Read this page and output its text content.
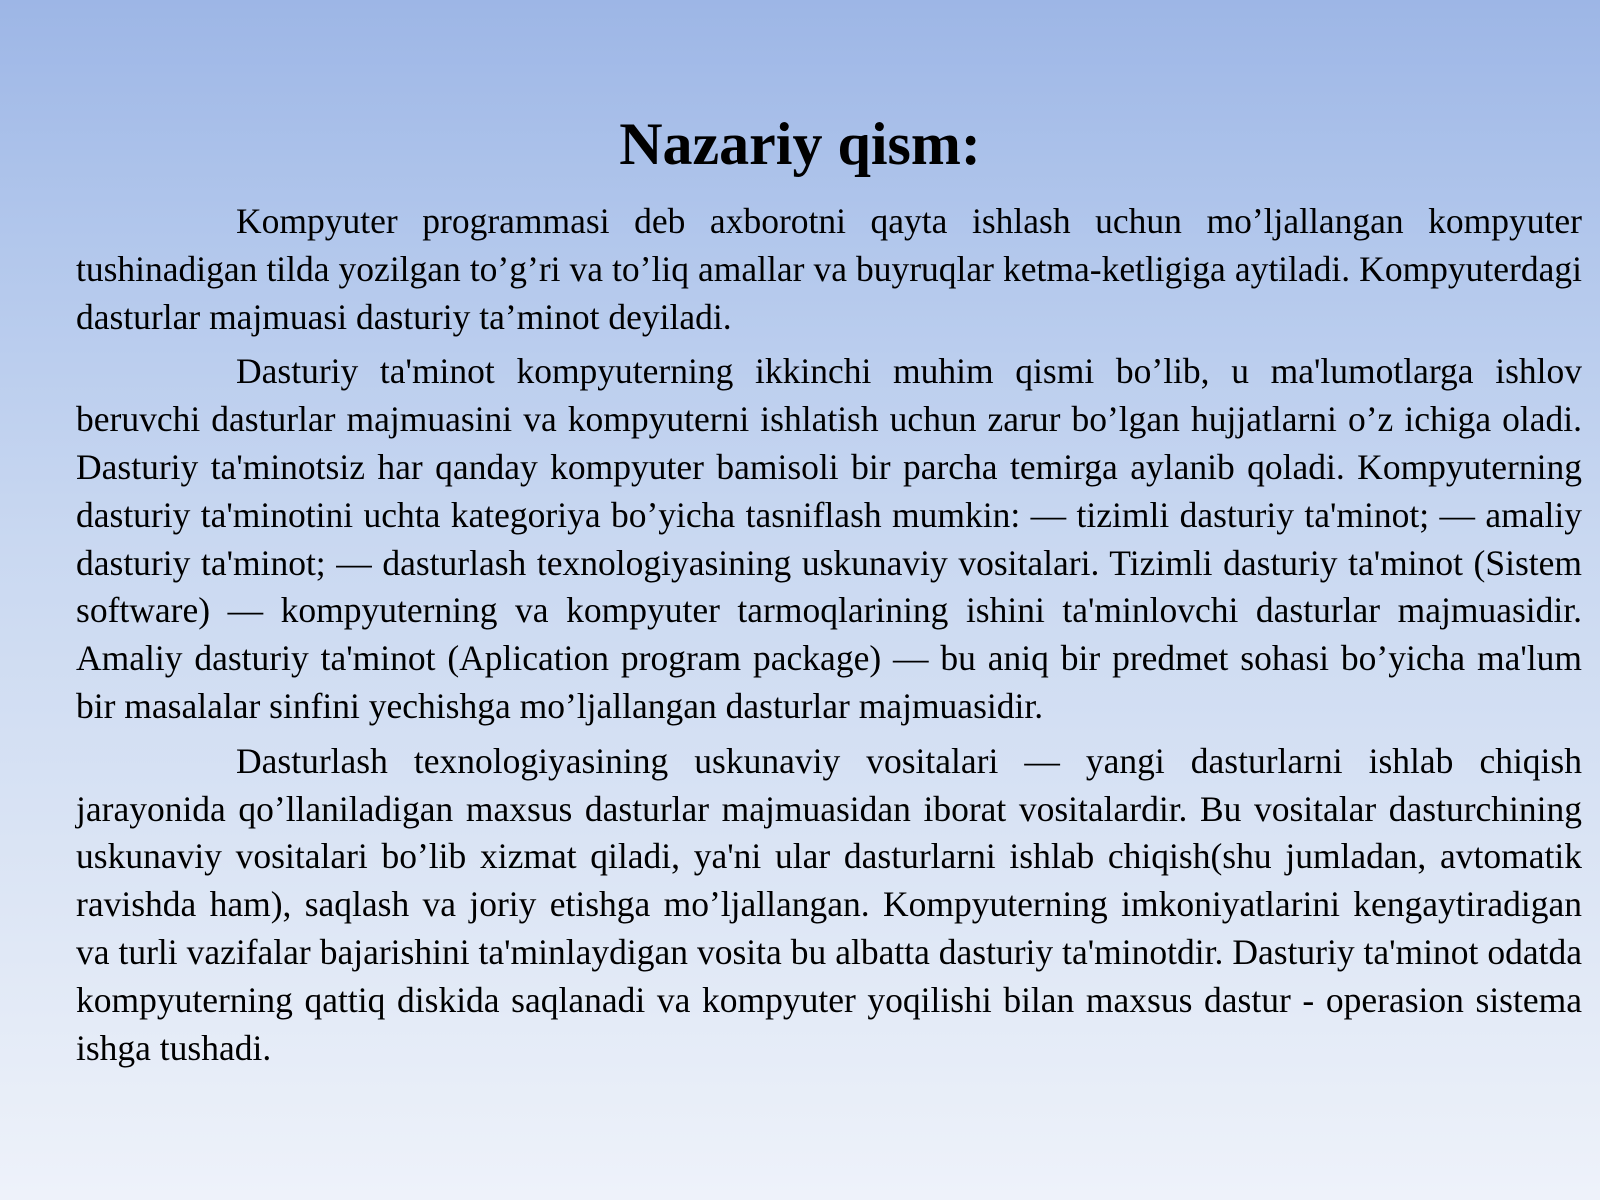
Nazariy qism:

Kompyuter programmasi deb axborotni qayta ishlash uchun moʼljallangan kompyuter tushinadigan tilda yozilgan to’g’ri va toʼliq amallar va buyruqlar ketma-ketligiga aytiladi. Kompyuterdagi dasturlar majmuasi dasturiy ta’minot deyiladi.

Dasturiy ta'minot kompyuterning ikkinchi muhim qismi boʼlib, u ma'lumotlarga ishlov beruvchi dasturlar majmuasini va kompyuterni ishlatish uchun zarur bo’lgan hujjatlarni o’z ichiga oladi. Dasturiy ta'minotsiz har qanday kompyuter bamisoli bir parcha temirga aylanib qoladi. Kompyuterning dasturiy ta'minotini uchta kategoriya boʼyicha tasniflash mumkin: — tizimli dasturiy ta'minot; — amaliy dasturiy ta'minot; — dasturlash texnologiyasining uskunaviy vositalari. Tizimli dasturiy ta'minot (Sistem software) — kompyuterning va kompyuter tarmoqlarining ishini ta'minlovchi dasturlar majmuasidir. Amaliy dasturiy ta'minot (Aplication program package) — bu aniq bir predmet sohasi bo’yicha ma'lum bir masalalar sinfini yechishga mo’ljallangan dasturlar majmuasidir.

Dasturlash texnologiyasining uskunaviy vositalari — yangi dasturlarni ishlab chiqish jarayonida qoʼllaniladigan maxsus dasturlar majmuasidan iborat vositalardir. Bu vositalar dasturchining uskunaviy vositalari boʼlib xizmat qiladi, ya'ni ular dasturlarni ishlab chiqish(shu jumladan, avtomatik ravishda ham), saqlash va joriy etishga moʼljallangan. Kompyuterning imkoniyatlarini kengaytiradigan va turli vazifalar bajarishini ta'minlaydigan vosita bu albatta dasturiy ta'minotdir. Dasturiy ta'minot odatda kompyuterning qattiq diskida saqlanadi va kompyuter yoqilishi bilan maxsus dastur - operasion sistema ishga tushadi.
